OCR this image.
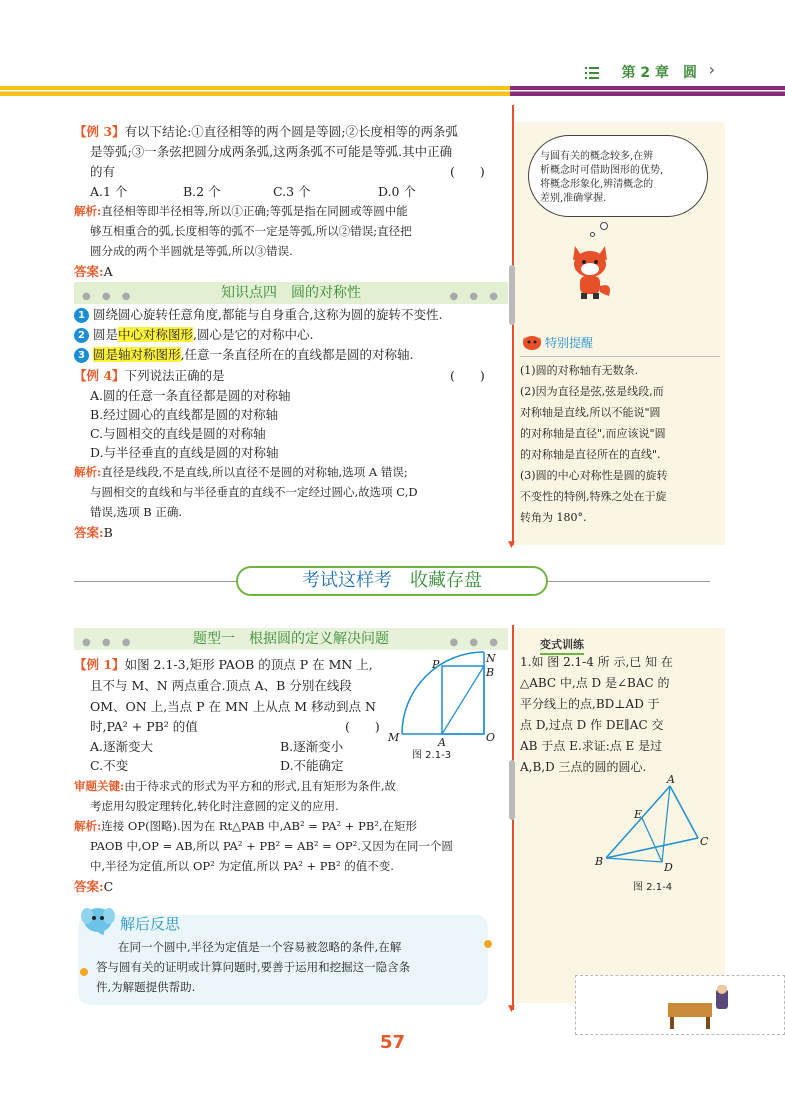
第 2 章　圆 ›
▼
▼
【例 3】有以下结论:①直径相等的两个圆是等圆;②长度相等的两条弧
是等弧;③一条弦把圆分成两条弧,这两条弧不可能是等弧.其中正确
的有	(　　)
A.1 个	B.2 个	C.3 个	D.0 个
解析:直径相等即半径相等,所以①正确;等弧是指在同圆或等圆中能
够互相重合的弧,长度相等的弧不一定是等弧,所以②错误;直径把
圆分成的两个半圆就是等弧,所以③错误.
答案:A
● ● ●	知识点四　圆的对称性	● ● ●
1 圆绕圆心旋转任意角度,都能与自身重合,这称为圆的旋转不变性.
2 圆是中心对称图形,圆心是它的对称中心.
3 圆是轴对称图形,任意一条直径所在的直线都是圆的对称轴.
【例 4】下列说法正确的是	(　　)
A.圆的任意一条直径都是圆的对称轴
B.经过圆心的直线都是圆的对称轴
C.与圆相交的直线是圆的对称轴
D.与半径垂直的直线是圆的对称轴
解析:直径是线段,不是直线,所以直径不是圆的对称轴,选项 A 错误;
与圆相交的直线和与半径垂直的直线不一定经过圆心,故选项 C,D
错误,选项 B 正确.
答案:B
与圆有关的概念较多,在辨
析概念时可借助图形的优势,
将概念形象化,辨清概念的
差别,准确掌握.
特别提醒
(1)圆的对称轴有无数条.
(2)因为直径是弦,弦是线段,而
对称轴是直线,所以不能说"圆
的对称轴是直径",而应该说"圆
的对称轴是直径所在的直线".
(3)圆的中心对称性是圆的旋转
不变性的特例,特殊之处在于旋
转角为 180°.
考试这样考　 收藏存盘
● ● ●	题型一　根据圆的定义解决问题	● ● ●
【例 1】如图 2.1-3,矩形 PAOB 的顶点 P 在 MN 上,
且不与 M、N 两点重合.顶点 A、B 分别在线段
OM、ON 上,当点 P 在 MN 上从点 M 移动到点 N
时,PA² + PB² 的值	(　　)
A.逐渐变大	B.逐渐变小
C.不变	D.不能确定
P	N
B
M	A	O
图 2.1-3
审题关键:由于待求式的形式为平方和的形式,且有矩形为条件,故
考虑用勾股定理转化,转化时注意圆的定义的应用.
解析:连接 OP(图略).因为在 Rt△PAB 中,AB² = PA² + PB²,在矩形
PAOB 中,OP = AB,所以 PA² + PB² = AB² = OP².又因为在同一个圆
中,半径为定值,所以 OP² 为定值,所以 PA² + PB² 的值不变.
答案:C
解后反思
在同一个圆中,半径为定值是一个容易被忽略的条件,在解
答与圆有关的证明或计算问题时,要善于运用和挖掘这一隐含条
件,为解题提供帮助.
变式训练
1.如 图 2.1-4 所 示,已 知 在
△ABC 中,点 D 是∠BAC 的
平分线上的点,BD⊥AD 于
点 D,过点 D 作 DE∥AC 交
AB 于点 E.求证:点 E 是过
A,B,D 三点的圆的圆心.
A
E
C
B	D
图 2.1-4
57
